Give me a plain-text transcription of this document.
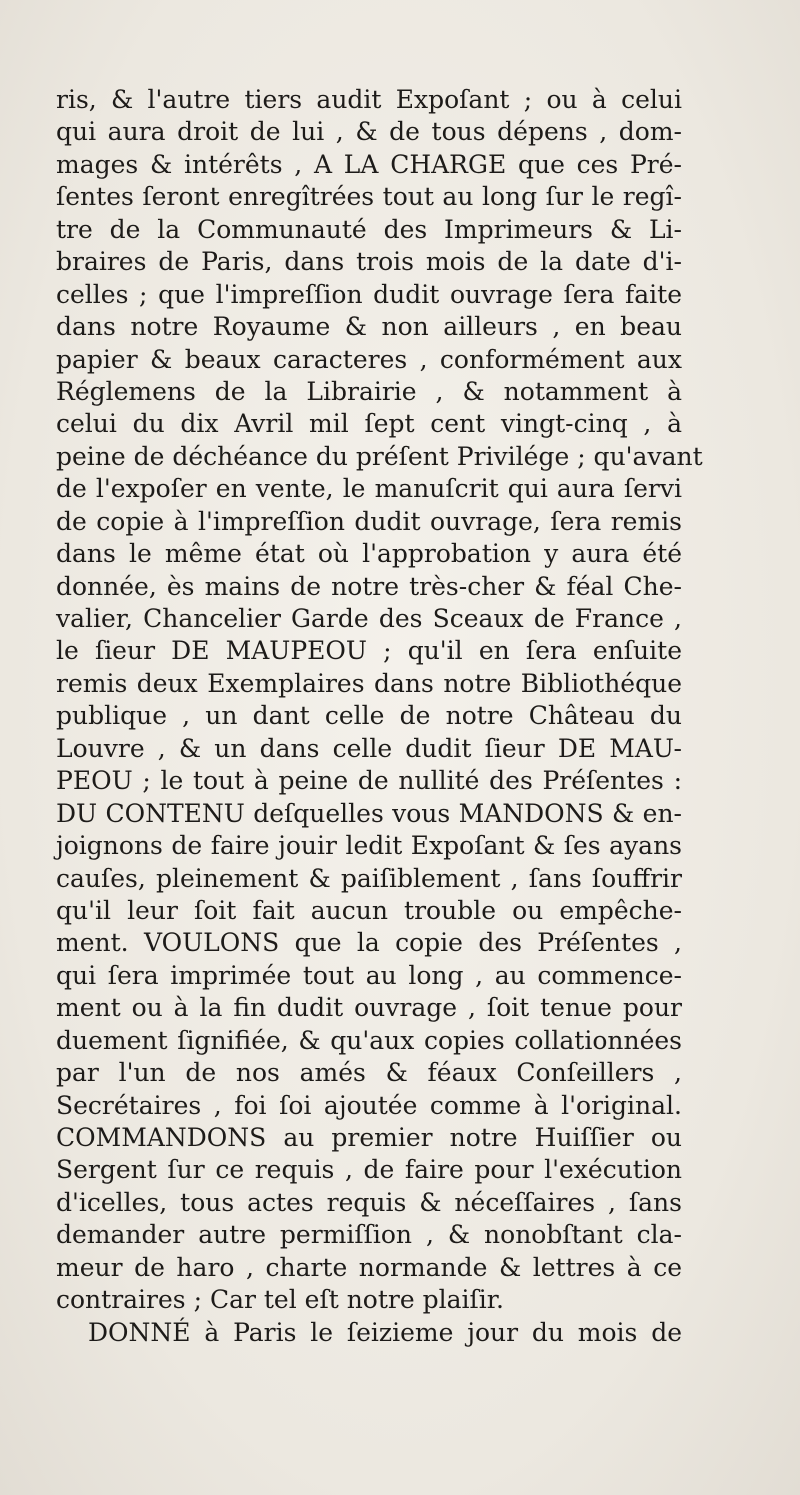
ris, & l'autre tiers audit Expoſant ; ou à celui
qui aura droit de lui , & de tous dépens , dom-
mages & intérêts , A LA CHARGE que ces Pré-
ſentes ſeront enregîtrées tout au long ſur le regî-
tre de la Communauté des Imprimeurs & Li-
braires de Paris, dans trois mois de la date d'i-
celles ; que l'impreſſion dudit ouvrage ſera faite
dans notre Royaume & non ailleurs , en beau
papier & beaux caracteres , conformément aux
Réglemens de la Librairie , & notamment à
celui du dix Avril mil ſept cent vingt-cinq , à
peine de déchéance du préſent Privilége ; qu'avant
de l'expoſer en vente, le manuſcrit qui aura ſervi
de copie à l'impreſſion dudit ouvrage, ſera remis
dans le même état où l'approbation y aura été
donnée, ès mains de notre très-cher & féal Che-
valier, Chancelier Garde des Sceaux de France ,
le ſieur DE MAUPEOU ; qu'il en ſera enſuite
remis deux Exemplaires dans notre Bibliothéque
publique , un dant celle de notre Château du
Louvre , & un dans celle dudit ſieur DE MAU-
PEOU ; le tout à peine de nullité des Préſentes :
DU CONTENU deſquelles vous MANDONS & en-
joignons de faire jouir ledit Expoſant & ſes ayans
cauſes, pleinement & paiſiblement , ſans ſouffrir
qu'il leur ſoit fait aucun trouble ou empêche-
ment. VOULONS que la copie des Préſentes ,
qui ſera imprimée tout au long , au commence-
ment ou à la fin dudit ouvrage , ſoit tenue pour
duement ſignifiée, & qu'aux copies collationnées
par l'un de nos amés & féaux Conſeillers ,
Secrétaires , foi ſoi ajoutée comme à l'original.
COMMANDONS au premier notre Huiſſier ou
Sergent ſur ce requis , de faire pour l'exécution
d'icelles, tous actes requis & néceſſaires , ſans
demander autre permiſſion , & nonobſtant cla-
meur de haro , charte normande & lettres à ce
contraires ; Car tel eſt notre plaiſir.
DONNÉ à Paris le ſeizieme jour du mois de
